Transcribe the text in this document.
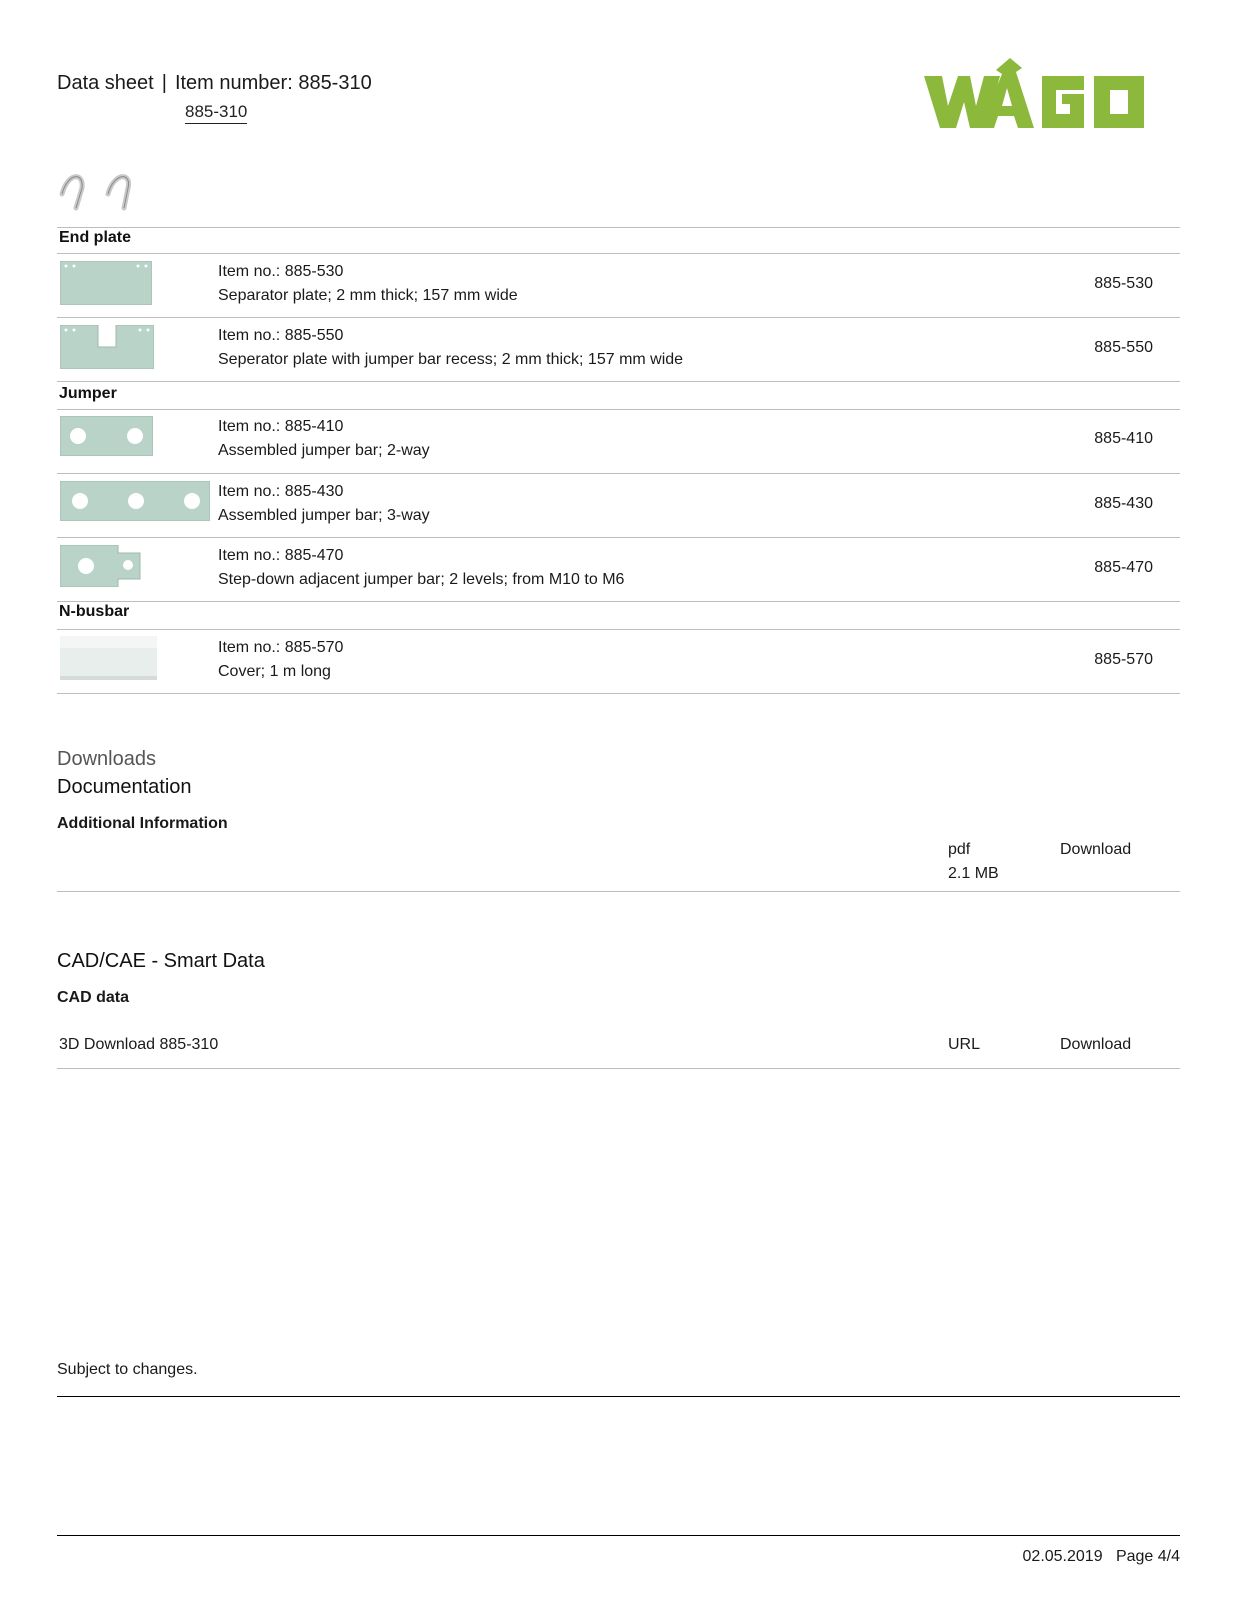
Data sheet | Item number: 885-310
885-310
End plate
Item no.: 885-530
Separator plate; 2 mm thick; 157 mm wide
885-530
Item no.: 885-550
Seperator plate with jumper bar recess; 2 mm thick; 157 mm wide
885-550
Jumper
Item no.: 885-410
Assembled jumper bar; 2-way
885-410
Item no.: 885-430
Assembled jumper bar; 3-way
885-430
Item no.: 885-470
Step-down adjacent jumper bar; 2 levels; from M10 to M6
885-470
N-busbar
Item no.: 885-570
Cover; 1 m long
885-570
Downloads
Documentation
Additional Information
pdf
2.1 MB
Download
CAD/CAE - Smart Data
CAD data
3D Download 885-310	URL	Download
Subject to changes.
02.05.2019 Page 4/4
